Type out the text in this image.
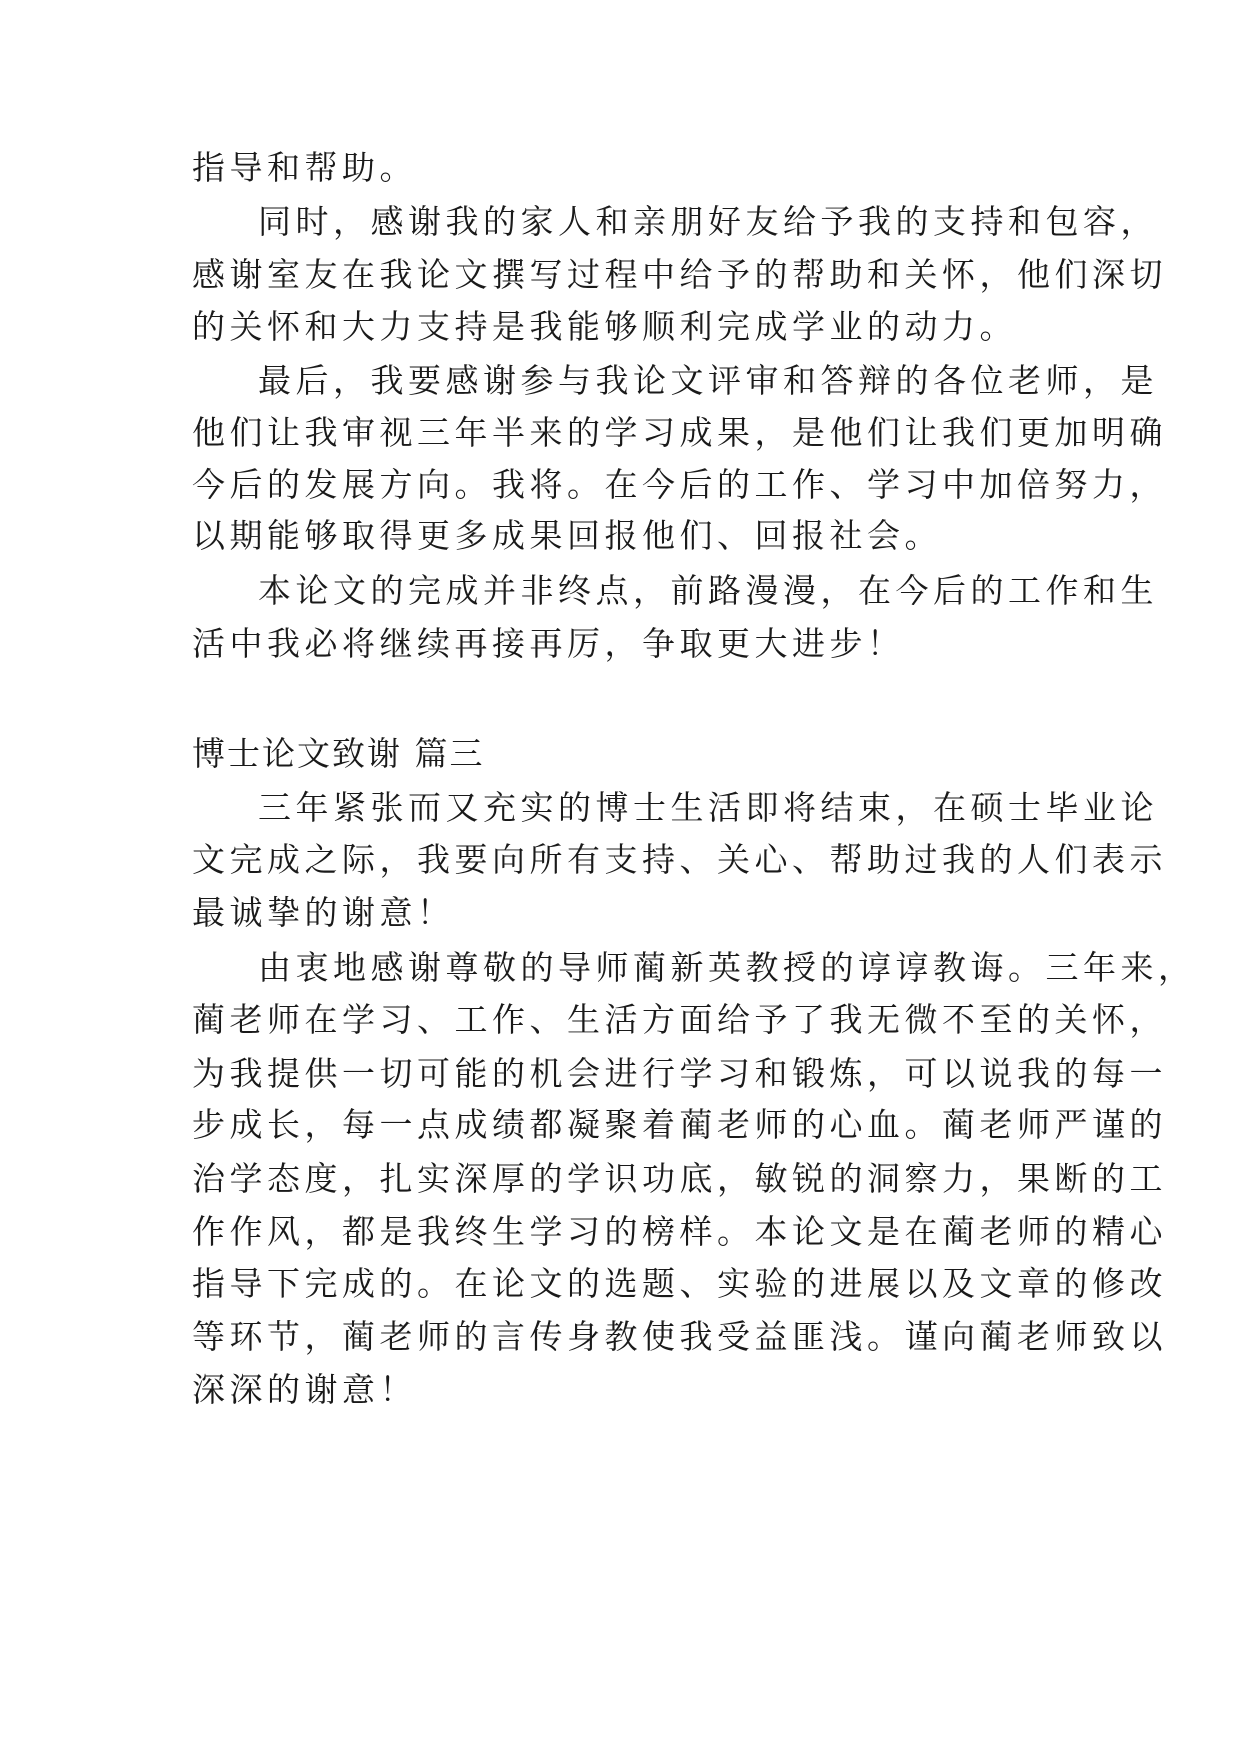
指导和帮助。
同时，感谢我的家人和亲朋好友给予我的支持和包容，
感谢室友在我论文撰写过程中给予的帮助和关怀，他们深切
的关怀和大力支持是我能够顺利完成学业的动力。
最后，我要感谢参与我论文评审和答辩的各位老师，是
他们让我审视三年半来的学习成果，是他们让我们更加明确
今后的发展方向。我将。在今后的工作、学习中加倍努力，
以期能够取得更多成果回报他们、回报社会。
本论文的完成并非终点，前路漫漫，在今后的工作和生
活中我必将继续再接再厉，争取更大进步！
博士论文致谢 篇三
三年紧张而又充实的博士生活即将结束，在硕士毕业论
文完成之际，我要向所有支持、关心、帮助过我的人们表示
最诚挚的谢意！
由衷地感谢尊敬的导师蔺新英教授的谆谆教诲。三年来，
蔺老师在学习、工作、生活方面给予了我无微不至的关怀，
为我提供一切可能的机会进行学习和锻炼，可以说我的每一
步成长，每一点成绩都凝聚着蔺老师的心血。蔺老师严谨的
治学态度，扎实深厚的学识功底，敏锐的洞察力，果断的工
作作风，都是我终生学习的榜样。本论文是在蔺老师的精心
指导下完成的。在论文的选题、实验的进展以及文章的修改
等环节，蔺老师的言传身教使我受益匪浅。谨向蔺老师致以
深深的谢意！
